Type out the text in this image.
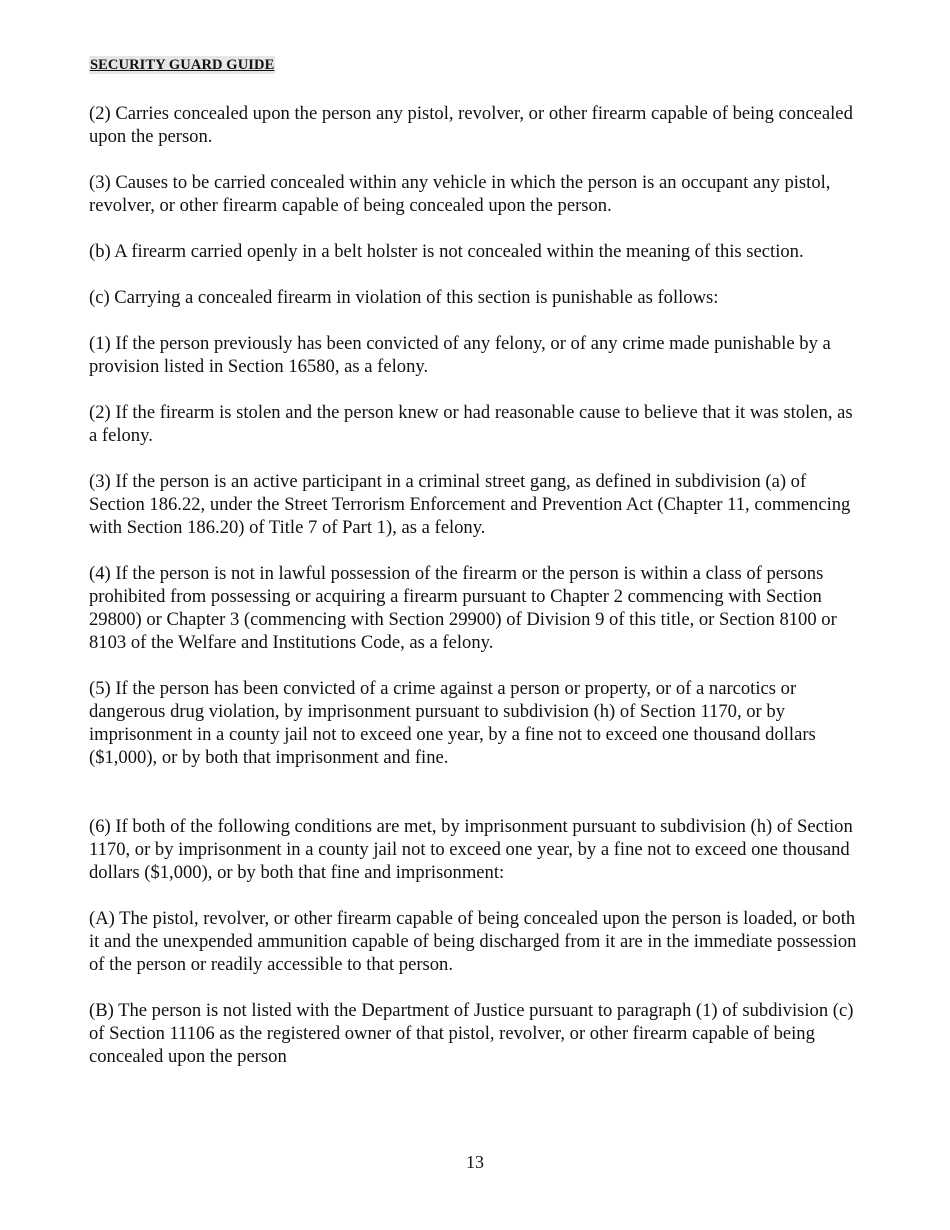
SECURITY GUARD GUIDE

(2) Carries concealed upon the person any pistol, revolver, or other firearm capable of being concealed upon the person.

(3) Causes to be carried concealed within any vehicle in which the person is an occupant any pistol, revolver, or other firearm capable of being concealed upon the person.

(b) A firearm carried openly in a belt holster is not concealed within the meaning of this section.

(c) Carrying a concealed firearm in violation of this section is punishable as follows:

(1) If the person previously has been convicted of any felony, or of any crime made punishable by a provision listed in Section 16580, as a felony.

(2) If the firearm is stolen and the person knew or had reasonable cause to believe that it was stolen, as a felony.

(3) If the person is an active participant in a criminal street gang, as defined in subdivision (a) of Section 186.22, under the Street Terrorism Enforcement and Prevention Act (Chapter 11, commencing with Section 186.20) of Title 7 of Part 1), as a felony.

(4) If the person is not in lawful possession of the firearm or the person is within a class of persons prohibited from possessing or acquiring a firearm pursuant to Chapter 2 commencing with Section 29800) or Chapter 3 (commencing with Section 29900) of Division 9 of this title, or Section 8100 or 8103 of the Welfare and Institutions Code, as a felony.

(5) If the person has been convicted of a crime against a person or property, or of a narcotics or dangerous drug violation, by imprisonment pursuant to subdivision (h) of Section 1170, or by imprisonment in a county jail not to exceed one year, by a fine not to exceed one thousand dollars ($1,000), or by both that imprisonment and fine.

(6) If both of the following conditions are met, by imprisonment pursuant to subdivision (h) of Section 1170, or by imprisonment in a county jail not to exceed one year, by a fine not to exceed one thousand dollars ($1,000), or by both that fine and imprisonment:

(A) The pistol, revolver, or other firearm capable of being concealed upon the person is loaded, or both it and the unexpended ammunition capable of being discharged from it are in the immediate possession of the person or readily accessible to that person.

(B) The person is not listed with the Department of Justice pursuant to paragraph (1) of subdivision (c) of Section 11106 as the registered owner of that pistol, revolver, or other firearm capable of being concealed upon the person

13
